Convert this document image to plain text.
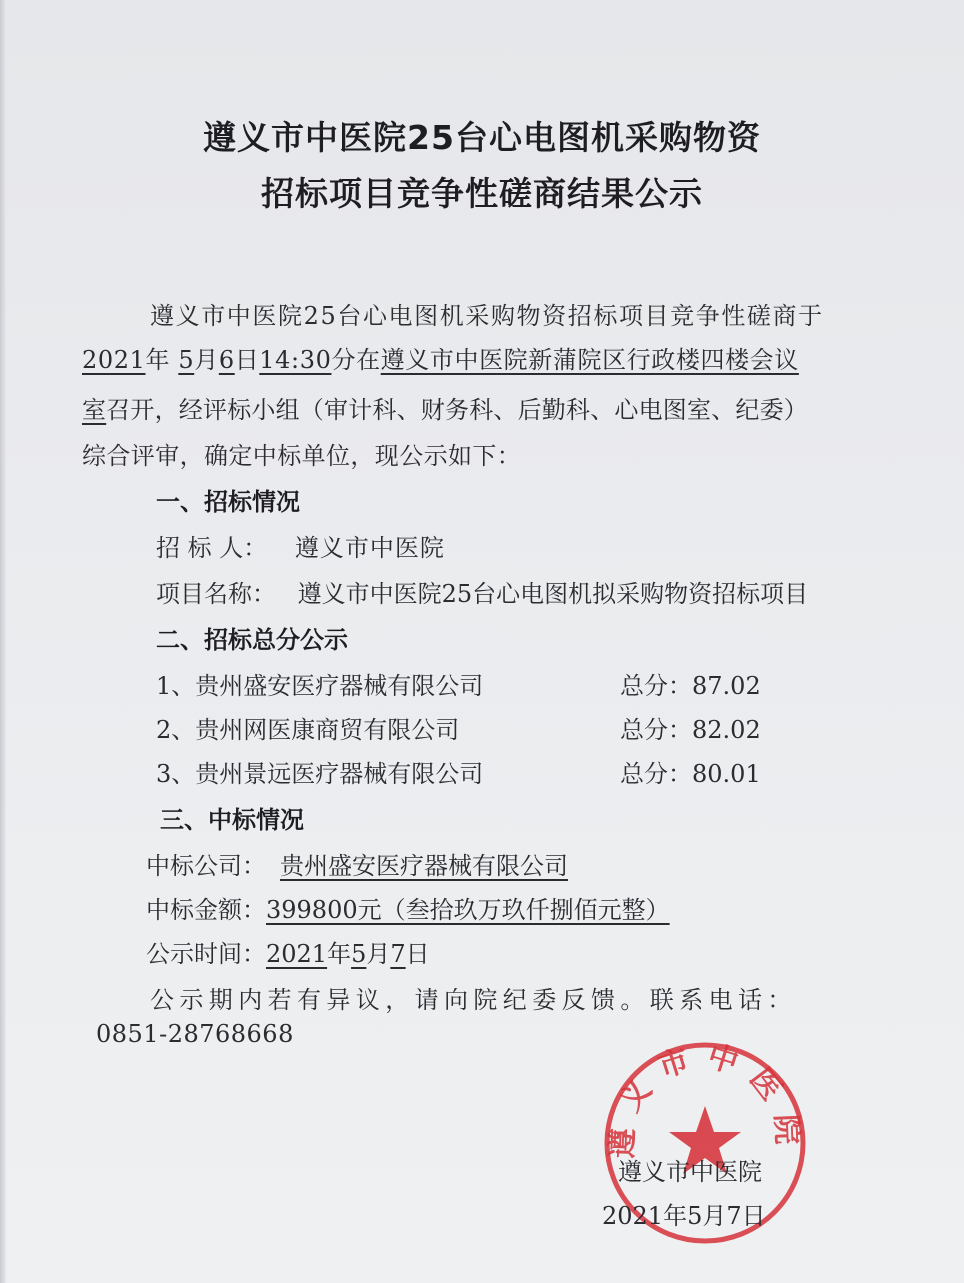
遵义市中医院25台心电图机采购物资
招标项目竞争性磋商结果公示
遵义市中医院25台心电图机采购物资招标项目竞争性磋商于
2021年 5月6日14:30分在遵义市中医院新蒲院区行政楼四楼会议
室召开，经评标小组（审计科、财务科、后勤科、心电图室、纪委）
综合评审，确定中标单位，现公示如下：
一、招标情况
招 标 人： 遵义市中医院
项目名称： 遵义市中医院25台心电图机拟采购物资招标项目
二、招标总分公示
1、贵州盛安医疗器械有限公司	总分：87.02
2、贵州网医康商贸有限公司	总分：82.02
3、贵州景远医疗器械有限公司	总分：80.01
三、中标情况
中标公司： 贵州盛安医疗器械有限公司
中标金额：399800元（叁拾玖万玖仟捌佰元整）
公示时间：2021年5月7日
公示期内若有异议，请向院纪委反馈。联系电话：
0851-28768668
遵义市中医院
遵义市中医院
2021年5月7日
